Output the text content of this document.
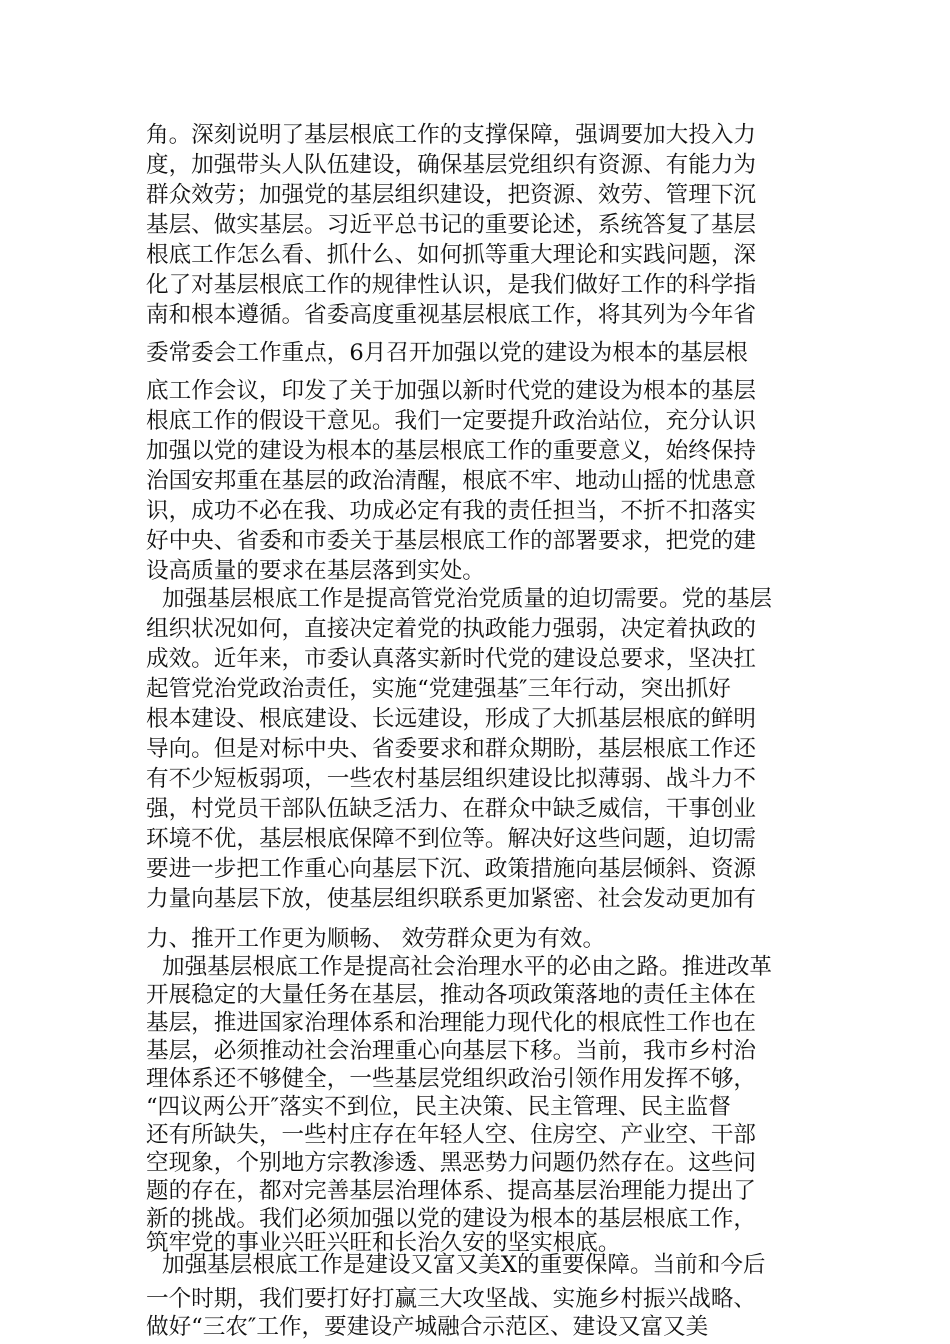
角。深刻说明了基层根底工作的支撑保障，强调要加大投入力
度，加强带头人队伍建设，确保基层党组织有资源、有能力为
群众效劳；加强党的基层组织建设，把资源、效劳、管理下沉
基层、做实基层。习近平总书记的重要论述，系统答复了基层
根底工作怎么看、抓什么、如何抓等重大理论和实践问题，深
化了对基层根底工作的规律性认识，是我们做好工作的科学指
南和根本遵循。省委高度重视基层根底工作，将其列为今年省
委常委会工作重点，6月召开加强以党的建设为根本的基层根
底工作会议，印发了关于加强以新时代党的建设为根本的基层
根底工作的假设干意见。我们一定要提升政治站位，充分认识
加强以党的建设为根本的基层根底工作的重要意义，始终保持
治国安邦重在基层的政治清醒，根底不牢、地动山摇的忧患意
识，成功不必在我、功成必定有我的责任担当，不折不扣落实
好中央、省委和市委关于基层根底工作的部署要求，把党的建
设高质量的要求在基层落到实处。
加强基层根底工作是提高管党治党质量的迫切需要。党的基层
组织状况如何，直接决定着党的执政能力强弱，决定着执政的
成效。近年来，市委认真落实新时代党的建设总要求，坚决扛
起管党治党政治责任，实施“党建强基″三年行动，突出抓好
根本建设、根底建设、长远建设，形成了大抓基层根底的鲜明
导向。但是对标中央、省委要求和群众期盼，基层根底工作还
有不少短板弱项，一些农村基层组织建设比拟薄弱、战斗力不
强，村党员干部队伍缺乏活力、在群众中缺乏威信，干事创业
环境不优，基层根底保障不到位等。解决好这些问题，迫切需
要进一步把工作重心向基层下沉、政策措施向基层倾斜、资源
力量向基层下放，使基层组织联系更加紧密、社会发动更加有
力、推开工作更为顺畅、 效劳群众更为有效。
加强基层根底工作是提高社会治理水平的必由之路。推进改革
开展稳定的大量任务在基层，推动各项政策落地的责任主体在
基层，推进国家治理体系和治理能力现代化的根底性工作也在
基层，必须推动社会治理重心向基层下移。当前，我市乡村治
理体系还不够健全，一些基层党组织政治引领作用发挥不够，
“四议两公开″落实不到位，民主决策、民主管理、民主监督
还有所缺失，一些村庄存在年轻人空、住房空、产业空、干部
空现象，个别地方宗教渗透、黑恶势力问题仍然存在。这些问
题的存在，都对完善基层治理体系、提高基层治理能力提出了
新的挑战。我们必须加强以党的建设为根本的基层根底工作，
筑牢党的事业兴旺兴旺和长治久安的坚实根底。
加强基层根底工作是建设又富又美X的重要保障。当前和今后
一个时期，我们要打好打赢三大攻坚战、实施乡村振兴战略、
做好“三农″工作，要建设产城融合示范区、建设又富又美
